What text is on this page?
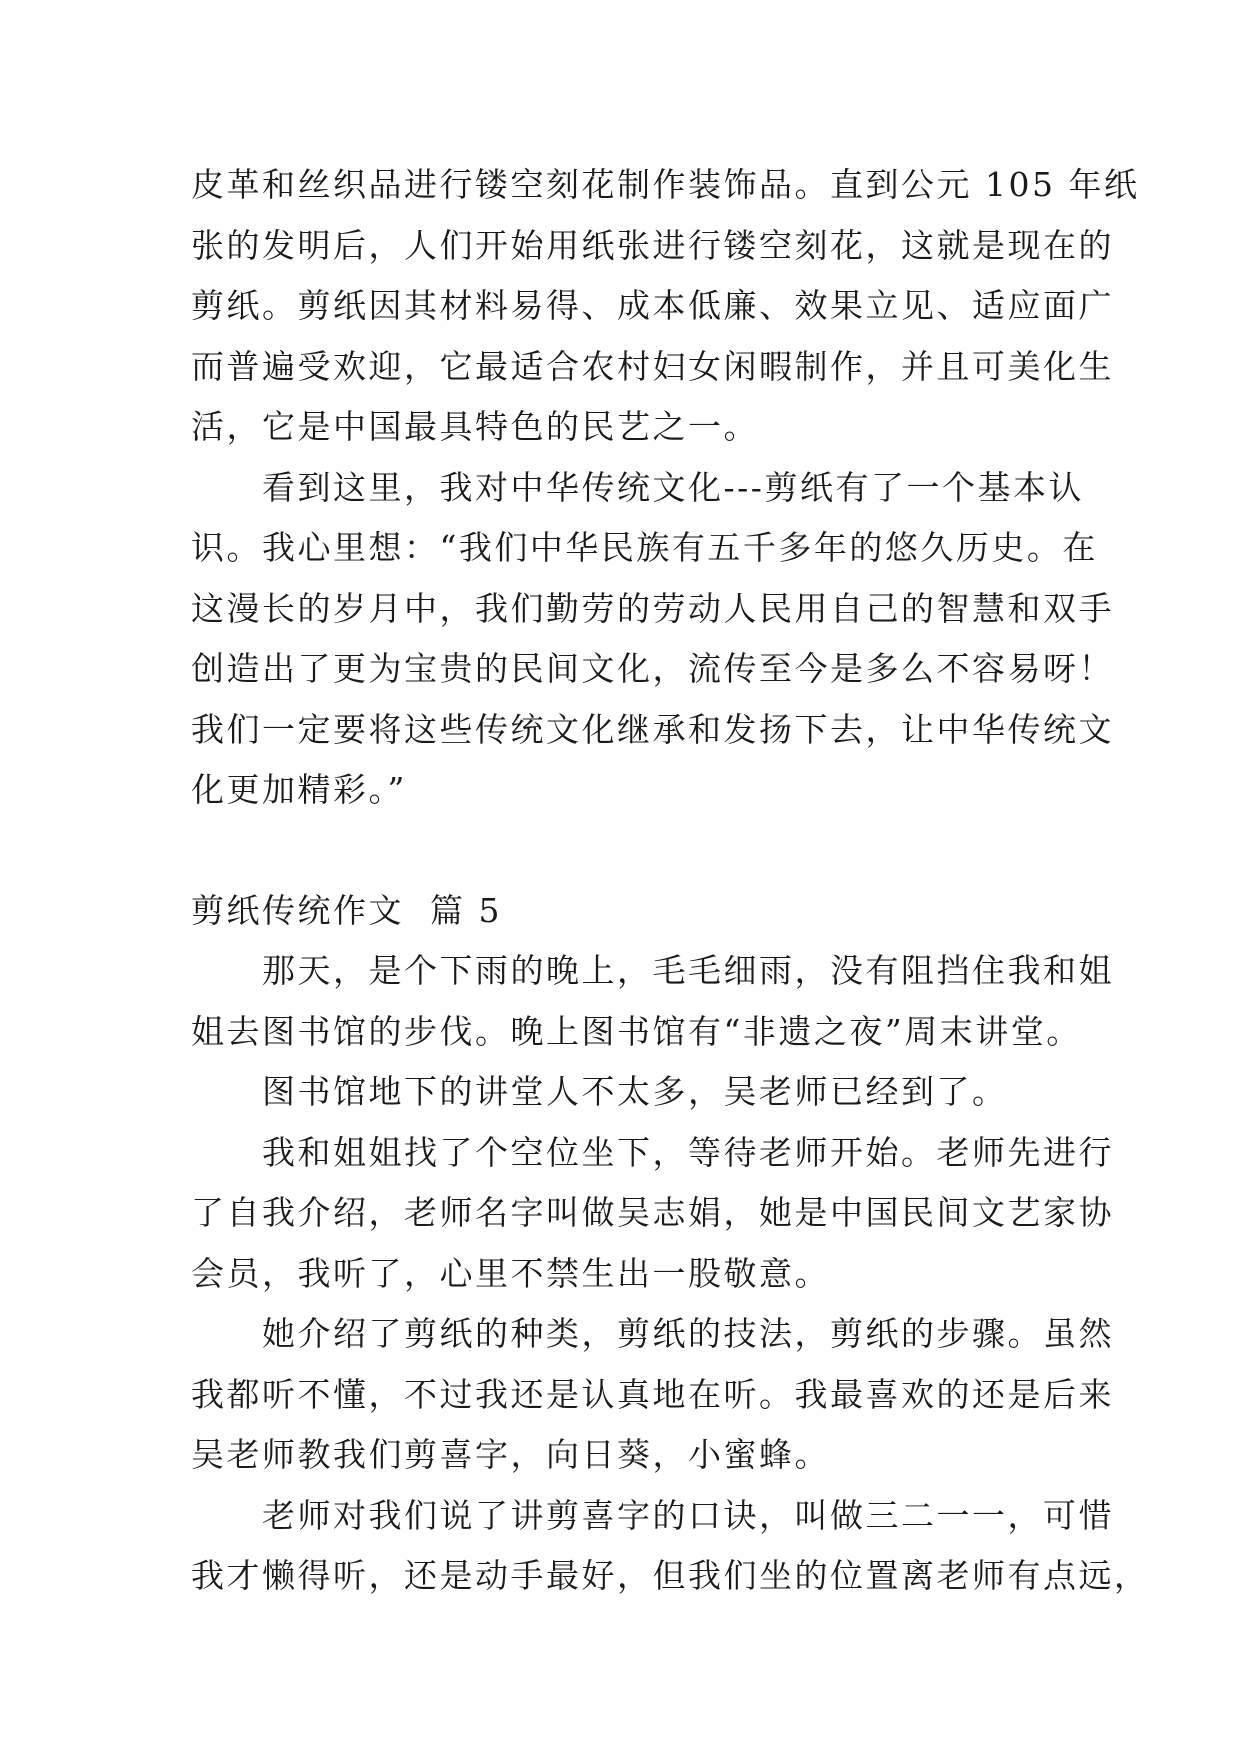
皮革和丝织品进行镂空刻花制作装饰品。直到公元 105 年纸
张的发明后，人们开始用纸张进行镂空刻花，这就是现在的
剪纸。剪纸因其材料易得、成本低廉、效果立见、适应面广
而普遍受欢迎，它最适合农村妇女闲暇制作，并且可美化生
活，它是中国最具特色的民艺之一。
　　看到这里，我对中华传统文化---剪纸有了一个基本认
识。我心里想：“我们中华民族有五千多年的悠久历史。在
这漫长的岁月中，我们勤劳的劳动人民用自己的智慧和双手
创造出了更为宝贵的民间文化，流传至今是多么不容易呀！
我们一定要将这些传统文化继承和发扬下去，让中华传统文
化更加精彩。”
剪纸传统作文  篇 5
　　那天，是个下雨的晚上，毛毛细雨，没有阻挡住我和姐
姐去图书馆的步伐。晚上图书馆有“非遗之夜”周末讲堂。
　　图书馆地下的讲堂人不太多，吴老师已经到了。
　　我和姐姐找了个空位坐下，等待老师开始。老师先进行
了自我介绍，老师名字叫做吴志娟，她是中国民间文艺家协
会员，我听了，心里不禁生出一股敬意。
　　她介绍了剪纸的种类，剪纸的技法，剪纸的步骤。虽然
我都听不懂，不过我还是认真地在听。我最喜欢的还是后来
吴老师教我们剪喜字，向日葵，小蜜蜂。
　　老师对我们说了讲剪喜字的口诀，叫做三二一一，可惜
我才懒得听，还是动手最好，但我们坐的位置离老师有点远，
